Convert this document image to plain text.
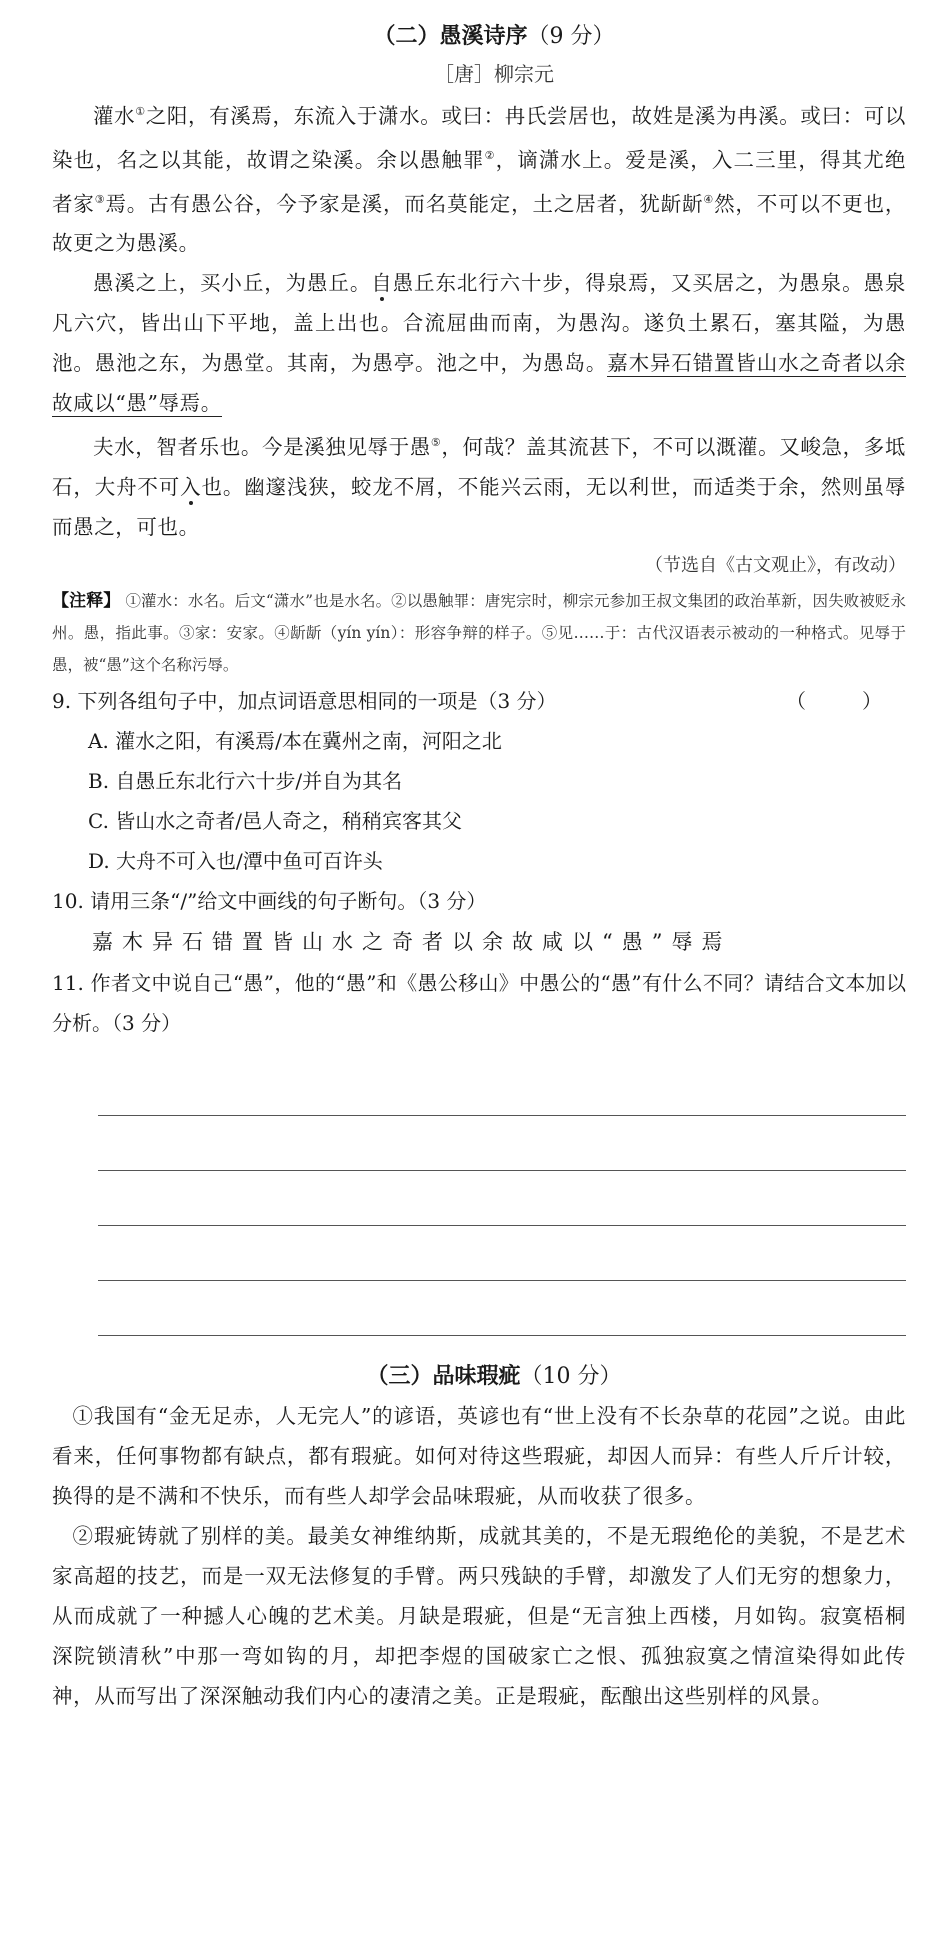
（二）愚溪诗序（9 分）
［唐］柳宗元

灌水①之阳，有溪焉，东流入于潇水。或曰：冉氏尝居也，故姓是溪为冉溪。或曰：可以染也，名之以其能，故谓之染溪。余以愚触罪②，谪潇水上。爱是溪，入二三里，得其尤绝者家③焉。古有愚公谷，今予家是溪，而名莫能定，土之居者，犹龂龂④然，不可以不更也，故更之为愚溪。

愚溪之上，买小丘，为愚丘。自愚丘东北行六十步，得泉焉，又买居之，为愚泉。愚泉凡六穴，皆出山下平地，盖上出也。合流屈曲而南，为愚沟。遂负土累石，塞其隘，为愚池。愚池之东，为愚堂。其南，为愚亭。池之中，为愚岛。嘉木异石错置皆山水之奇者以余故咸以“愚”辱焉。

夫水，智者乐也。今是溪独见辱于愚⑤，何哉？盖其流甚下，不可以溉灌。又峻急，多坻石，大舟不可入也。幽邃浅狭，蛟龙不屑，不能兴云雨，无以利世，而适类于余，然则虽辱而愚之，可也。

（节选自《古文观止》，有改动）

【注释】 ①灌水：水名。后文“潇水”也是水名。②以愚触罪：唐宪宗时，柳宗元参加王叔文集团的政治革新，因失败被贬永州。愚，指此事。③家：安家。④龂龂（yín yín）：形容争辩的样子。⑤见……于：古代汉语表示被动的一种格式。见辱于愚，被“愚”这个名称污辱。

9. 下列各组句子中，加点词语意思相同的一项是（3 分）	（　）

A. 灌水之阳，有溪焉/本在冀州之南，河阳之北

B. 自愚丘东北行六十步/并自为其名

C. 皆山水之奇者/邑人奇之，稍稍宾客其父

D. 大舟不可入也/潭中鱼可百许头

10. 请用三条“/”给文中画线的句子断句。（3 分）

嘉木异石错置皆山水之奇者以余故咸以“愚”辱焉

11. 作者文中说自己“愚”，他的“愚”和《愚公移山》中愚公的“愚”有什么不同？请结合文本加以分析。（3 分）

（三）品味瑕疵（10 分）

①我国有“金无足赤，人无完人”的谚语，英谚也有“世上没有不长杂草的花园”之说。由此看来，任何事物都有缺点，都有瑕疵。如何对待这些瑕疵，却因人而异：有些人斤斤计较，换得的是不满和不快乐，而有些人却学会品味瑕疵，从而收获了很多。

②瑕疵铸就了别样的美。最美女神维纳斯，成就其美的，不是无瑕绝伦的美貌，不是艺术家高超的技艺，而是一双无法修复的手臂。两只残缺的手臂，却激发了人们无穷的想象力，从而成就了一种撼人心魄的艺术美。月缺是瑕疵，但是“无言独上西楼，月如钩。寂寞梧桐深院锁清秋”中那一弯如钩的月，却把李煜的国破家亡之恨、孤独寂寞之情渲染得如此传神，从而写出了深深触动我们内心的凄清之美。正是瑕疵，酝酿出这些别样的风景。
